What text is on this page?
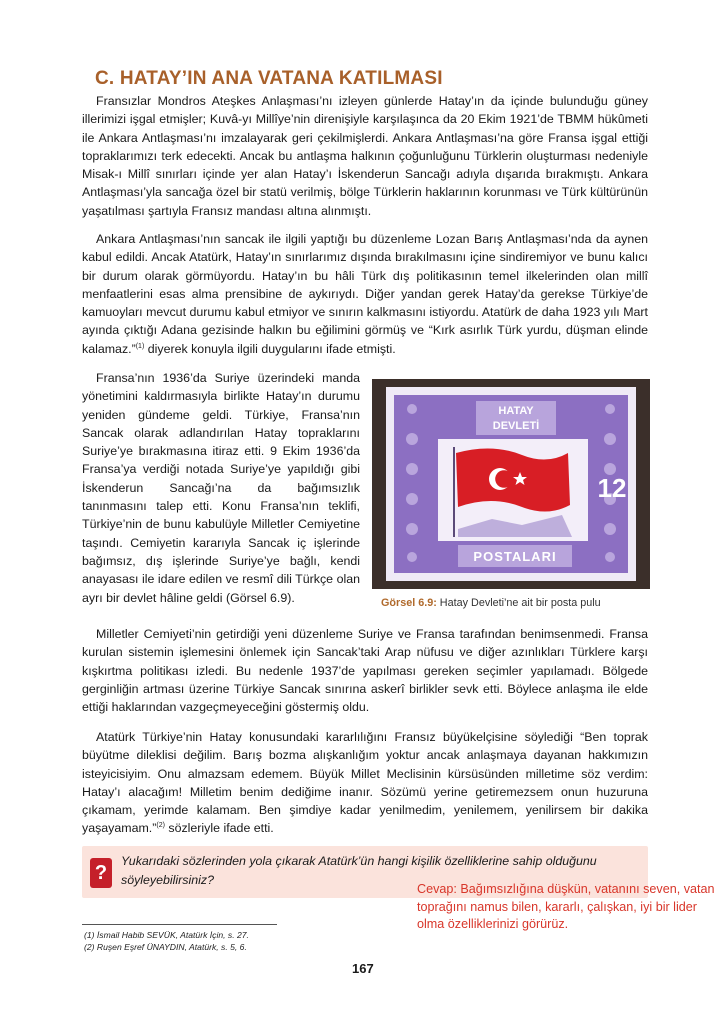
C. HATAY’IN ANA VATANA KATILMASI

Fransızlar Mondros Ateşkes Anlaşması’nı izleyen günlerde Hatay’ın da içinde bulunduğu güney illerimizi işgal etmişler; Kuvâ-yı Millîye’nin direnişiyle karşılaşınca da 20 Ekim 1921’de TBMM hükûmeti ile Ankara Antlaşması’nı imzalayarak geri çekilmişlerdi. Ankara Antlaşması’na göre Fransa işgal ettiği topraklarımızı terk edecekti. Ancak bu antlaşma halkının çoğunluğunu Türklerin oluşturması nedeniyle Misak-ı Millî sınırları içinde yer alan Hatay’ı İskenderun Sancağı adıyla dışarıda bırakmıştı. Ankara Antlaşması’yla sancağa özel bir statü verilmiş, bölge Türklerin haklarının korunması ve Türk kültürünün yaşatılması şartıyla Fransız mandası altına alınmıştı.

Ankara Antlaşması’nın sancak ile ilgili yaptığı bu düzenleme Lozan Barış Antlaşması’nda da aynen kabul edildi. Ancak Atatürk, Hatay’ın sınırlarımız dışında bırakılmasını içine sindiremiyor ve bunu kalıcı bir durum olarak görmüyordu. Hatay’ın bu hâli Türk dış politikasının temel ilkelerinden olan millî menfaatlerini esas alma prensibine de aykırıydı. Diğer yandan gerek Hatay’da gerekse Türkiye’de kamuoyları mevcut durumu kabul etmiyor ve sınırın kalkmasını istiyordu. Atatürk de daha 1923 yılı Mart ayında çıktığı Adana gezisinde halkın bu eğilimini görmüş ve “Kırk asırlık Türk yurdu, düşman elinde kalamaz.”$^{(1)}$ diyerek konuyla ilgili duygularını ifade etmişti.

Fransa’nın 1936’da Suriye üzerindeki manda yönetimini kaldırmasıyla birlikte Hatay’ın durumu yeniden gündeme geldi. Türkiye, Fransa’nın Sancak olarak adlandırılan Hatay topraklarını Suriye’ye bırakmasına itiraz etti. 9 Ekim 1936’da Fransa’ya verdiği notada Suriye’ye yapıldığı gibi İskenderun Sancağı’na da bağımsızlık tanınmasını talep etti. Konu Fransa’nın teklifi, Türkiye’nin de bunu kabulüyle Milletler Cemiyetine taşındı. Cemiyetin kararıyla Sancak iç işlerinde bağımsız, dış işlerinde Suriye’ye bağlı, kendi anayasası ile idare edilen ve resmî dili Türkçe olan ayrı bir devlet hâline geldi (Görsel 6.9).

HATAY
DEVLETİ
12
POSTALARI
Görsel 6.9: Hatay Devleti’ne ait bir posta pulu

Milletler Cemiyeti’nin getirdiği yeni düzenleme Suriye ve Fransa tarafından benimsenmedi. Fransa kurulan sistemin işlemesini önlemek için Sancak’taki Arap nüfusu ve diğer azınlıkları Türklere karşı kışkırtma politikası izledi. Bu nedenle 1937’de yapılması gereken seçimler yapılamadı. Bölgede gerginliğin artması üzerine Türkiye Sancak sınırına askerî birlikler sevk etti. Böylece anlaşma ile elde ettiği haklarından vazgeçmeyeceğini göstermiş oldu.

Atatürk Türkiye’nin Hatay konusundaki kararlılığını Fransız büyükelçisine söylediği “Ben toprak büyütme dileklisi değilim. Barış bozma alışkanlığım yoktur ancak anlaşmaya dayanan hakkımızın isteyicisiyim. Onu almazsam edemem. Büyük Millet Meclisinin kürsüsünden milletime söz verdim: Hatay’ı alacağım! Milletim benim dediğime inanır. Sözümü yerine getiremezsem onun huzuruna çıkamam, yerimde kalamam. Ben şimdiye kadar yenilmedim, yenilemem, yenilirsem bir dakika yaşayamam.”$^{(2)}$ sözleriyle ifade etti.

?
Yukarıdaki sözlerinden yola çıkarak Atatürk’ün hangi kişilik özelliklerine sahip olduğunu söyleyebilirsiniz?
Cevap: Bağımsızlığına düşkün, vatanını seven, vatan toprağını namus bilen, kararlı, çalışkan, iyi bir lider olma özelliklerinizi görürüz.
(1) İsmail Habib SEVÜK, Atatürk İçin, s. 27.
(2) Ruşen Eşref ÜNAYDIN, Atatürk, s. 5, 6.
167
